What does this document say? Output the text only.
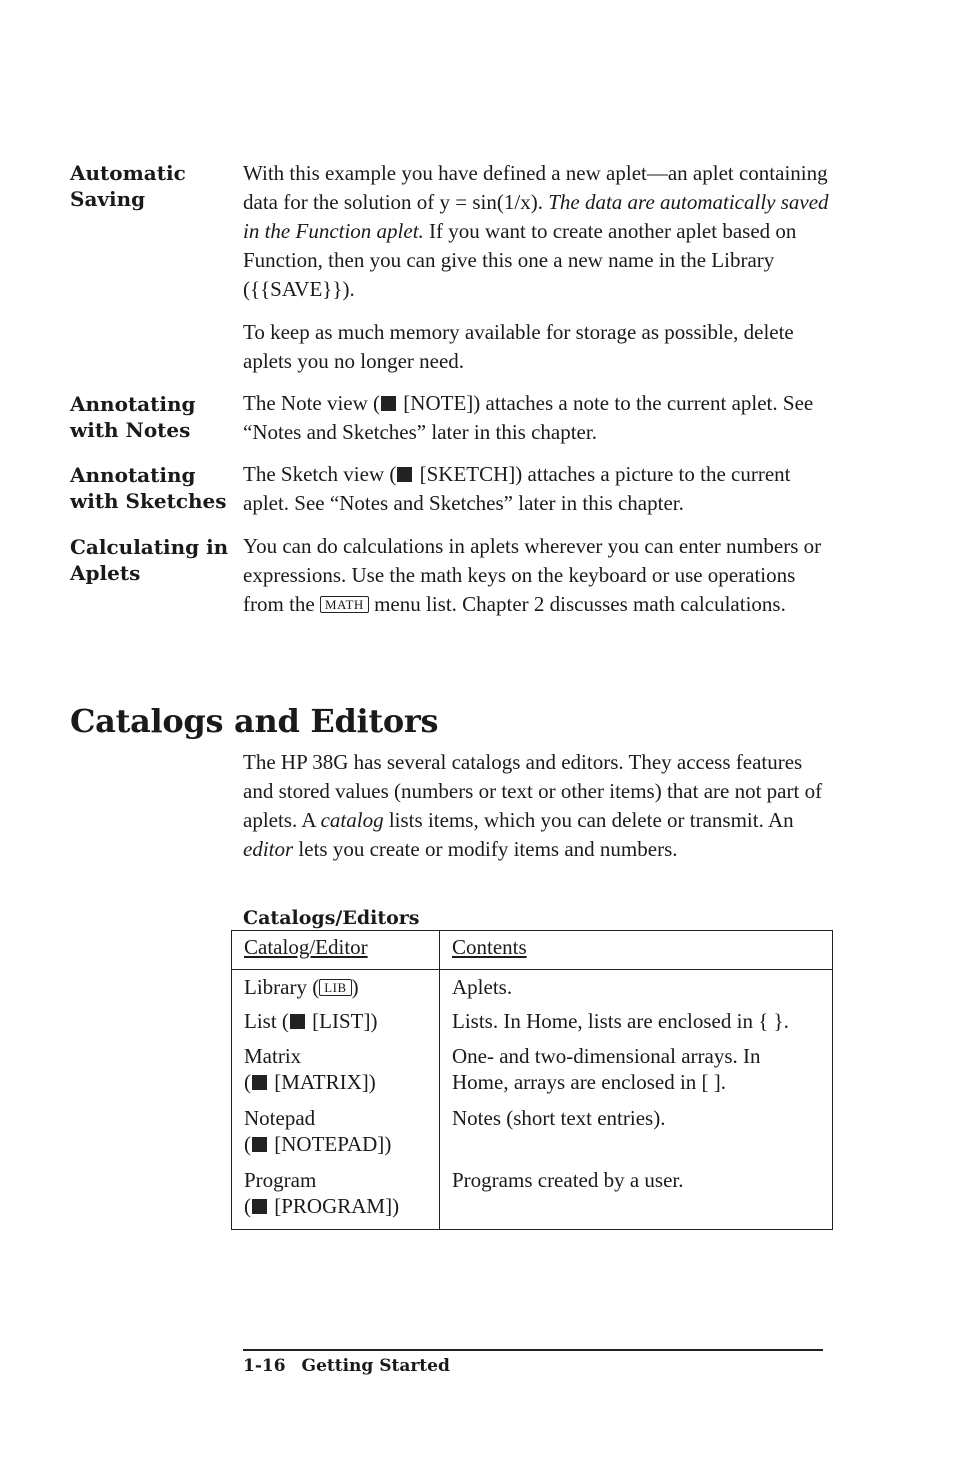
Automatic
Saving

With this example you have defined a new aplet—an aplet containing data for the solution of y = sin(1/x). The data are automatically saved in the Function aplet. If you want to create another aplet based on Function, then you can give this one a new name in the Library ({{SAVE}}).

To keep as much memory available for storage as possible, delete aplets you no longer need.

Annotating
with Notes

The Note view ( [NOTE]) attaches a note to the current aplet. See “Notes and Sketches” later in this chapter.

Annotating
with Sketches

The Sketch view ( [SKETCH]) attaches a picture to the current aplet. See “Notes and Sketches” later in this chapter.

Calculating in
Aplets

You can do calculations in aplets wherever you can enter numbers or expressions. Use the math keys on the keyboard or use operations from the MATH menu list. Chapter 2 discusses math calculations.

Catalogs and Editors

The HP 38G has several catalogs and editors. They access features and stored values (numbers or text or other items) that are not part of aplets. A catalog lists items, which you can delete or transmit. An editor lets you create or modify items and numbers.

Catalogs/Editors
Catalog/Editor	Contents
Library ( LIB )	Aplets.
List ( [LIST])	Lists. In Home, lists are enclosed in { }.
Matrix
( [MATRIX])	One- and two-dimensional arrays. In Home, arrays are enclosed in [ ].
Notepad
( [NOTEPAD])	Notes (short text entries).
Program
( [PROGRAM])	Programs created by a user.
1-16 Getting Started
